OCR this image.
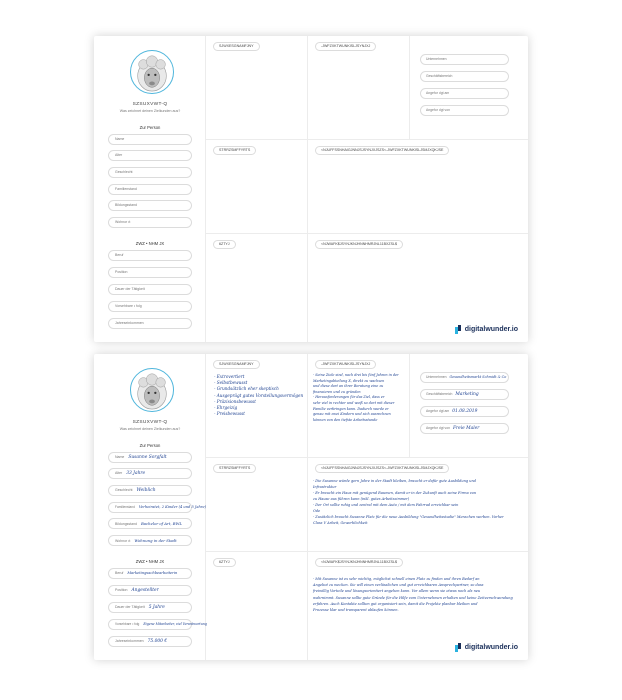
SZSUXVWT-Q
Was zeichnet deinen Zielkunden aus?
Zur Person
Name
Alter
Geschlecht
Familienstand
Bildungsstand
Wohnor •t
ZWZ • NHM JX
Beruf
Position
Dauer der Tätigkeit
Vorsehbare • folg
Jahreseinkommen
SJWXESGNAMFJNY	-JWFZXKTWUNKISLJSYNJXJ
Unternehmen
Geschäftsbereich
Angefor •lgt am
Angefor •lgt von
STRRZSMFFYRTS	<NJUFFSSNHAIGJNNJSJSYNJXJSZS<-JWFZXKTWUNKISLJSMJXQKJSE
6ZTYJ	<NJWAFK$JSYNJKNJHNNHMRJNL11BXZSL$
digitalwunder.io
SZSUXVWT-Q
Was zeichnet deinen Zielkunden aus?
Zur Person
Name Susanne Sorgfalt
Alter 33 Jahre
Geschlecht Weiblich
Familienstand Verheiratet, 2 Kinder (4 und 5 Jahre)
Bildungsstand Bachelor of Art, BWL
Wohnor •t Wohnung in der Stadt
ZWZ • NHM JX
Beruf Marketingsachbearbeiterin
Position Angestellter
Dauer der Tätigkeit 5 Jahre
Vorsehbare • folg Eigene Mitarbeiter, viel Verantwortung
Jahreseinkommen 75.000 €
SJWXESGNAMFJNY
- Extrovertiert
- Selbstbewusst
- Grundsätzlich eher skeptisch
- Ausgeprägt gutes Vorstellungsvermögen
- Präzisionsbewusst
- Ehrgeizig
- Preisbewusst
-JWFZXKTWUNKISLJSYNJXJ
- Seine Ziele sind, nach drei bis fünf Jahren in der
Marketingabteilung X, direkt zu wachsen
und diese dort an ihrer Beratung eine zu
finanzieren und zu gründen
- Herausforderungen für das Ziel, dass er
sehr viel in rechter und weiß so dort mit dieser
Familie verbringen kann. Dadurch wurde er
genau mit zwei Kindern und sich ausrechnen
können von den tiefste Arbeitsstunde
Unternehmen Gesundheitsmarkt Schmidt & Co
Geschäftsbereich Marketing
Angefor •lgt am 01.08.2019
Angefor •lgt von Freie Maler
STRRZSMFFYRTS	<NJUFFSSNHAIGJNNJSJSYNJXJSZS<-JWFZXKTWUNKISLJSMJXQKJSE
- Die Susanne würde gern Jahre in der Stadt bleiben, braucht er dafür gute Ausbildung und
Infrastruktur
- Er braucht ein Haus mit genügend Raumen, damit er in der Zukunft auch seine Firma von
zu Hause aus führen kann (inkl. gutes Arbeitszimmer)
- Der Ort sollte ruhig und zentral mit dem Auto / mit dem Fahrrad erreichbar sein
Ode
- Zusätzlich braucht Susanne Platz für die neue Ausbildung "Gesundheitsstudie" Menschen werben. Vorher
Class V Arbeit, Gewerblichkeit
6ZTYJ	<NJWAFK$JSYNJKNJHNNHMRJNL11BXZSL$
- Mit Susanne ist es sehr wichtig, möglichst schnell einen Platz zu finden und ihren Bedarf an
Angebot zu wecken. Sie will einen verlässlichen und gut erreichbaren Ansprechpartner, so dass
freiwillig Vorteile und lösungsorientiert angehen kann. Vor allem wenn sie etwas noch als neu
wahrnimmt. Susanne sollte gute Gründe für die Hilfe vom Unternehmen erhalten und keine Zeitverschwendung
erfahren. Auch Kontakte sollten gut organisiert sein, damit die Projekte planbar bleiben und
Prozesse klar und transparent ablaufen können.
digitalwunder.io
